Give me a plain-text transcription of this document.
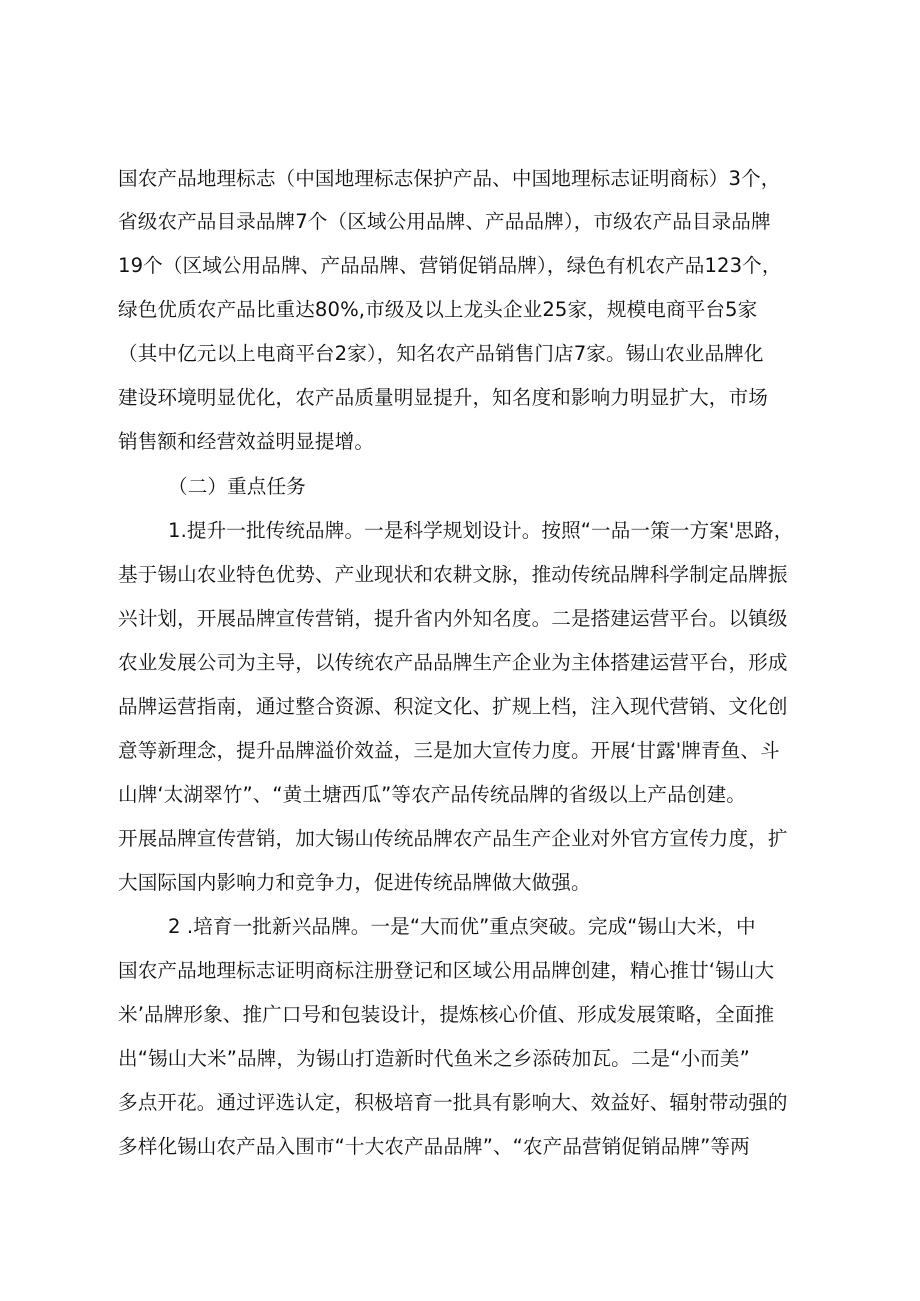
国农产品地理标志（中国地理标志保护产品、中国地理标志证明商标）3个，
省级农产品目录品牌7个（区域公用品牌、产品品牌），市级农产品目录品牌
19个（区域公用品牌、产品品牌、营销促销品牌），绿色有机农产品123个，
绿色优质农产品比重达80%,市级及以上龙头企业25家，规模电商平台5家
（其中亿元以上电商平台2家），知名农产品销售门店7家。锡山农业品牌化
建设环境明显优化，农产品质量明显提升，知名度和影响力明显扩大，市场
销售额和经营效益明显提增。
（二）重点任务
1.提升一批传统品牌。一是科学规划设计。按照“一品一策一方案'思路，
基于锡山农业特色优势、产业现状和农耕文脉，推动传统品牌科学制定品牌振
兴计划，开展品牌宣传营销，提升省内外知名度。二是搭建运营平台。以镇级
农业发展公司为主导，以传统农产品品牌生产企业为主体搭建运营平台，形成
品牌运营指南，通过整合资源、积淀文化、扩规上档，注入现代营销、文化创
意等新理念，提升品牌溢价效益，三是加大宣传力度。开展‘甘露'牌青鱼、斗
山牌‘太湖翠竹”、“黄土塘西瓜”等农产品传统品牌的省级以上产品创建。
开展品牌宣传营销，加大锡山传统品牌农产品生产企业对外官方宣传力度，扩
大国际国内影响力和竞争力，促进传统品牌做大做强。
2 .培育一批新兴品牌。一是“大而优”重点突破。完成“锡山大米，中
国农产品地理标志证明商标注册登记和区域公用品牌创建，精心推廿‘锡山大
米’品牌形象、推广口号和包装设计，提炼核心价值、形成发展策略，全面推
出“锡山大米”品牌，为锡山打造新时代鱼米之乡添砖加瓦。二是“小而美”
多点开花。通过评选认定，积极培育一批具有影响大、效益好、辐射带动强的
多样化锡山农产品入围市“十大农产品品牌”、“农产品营销促销品牌”等两
